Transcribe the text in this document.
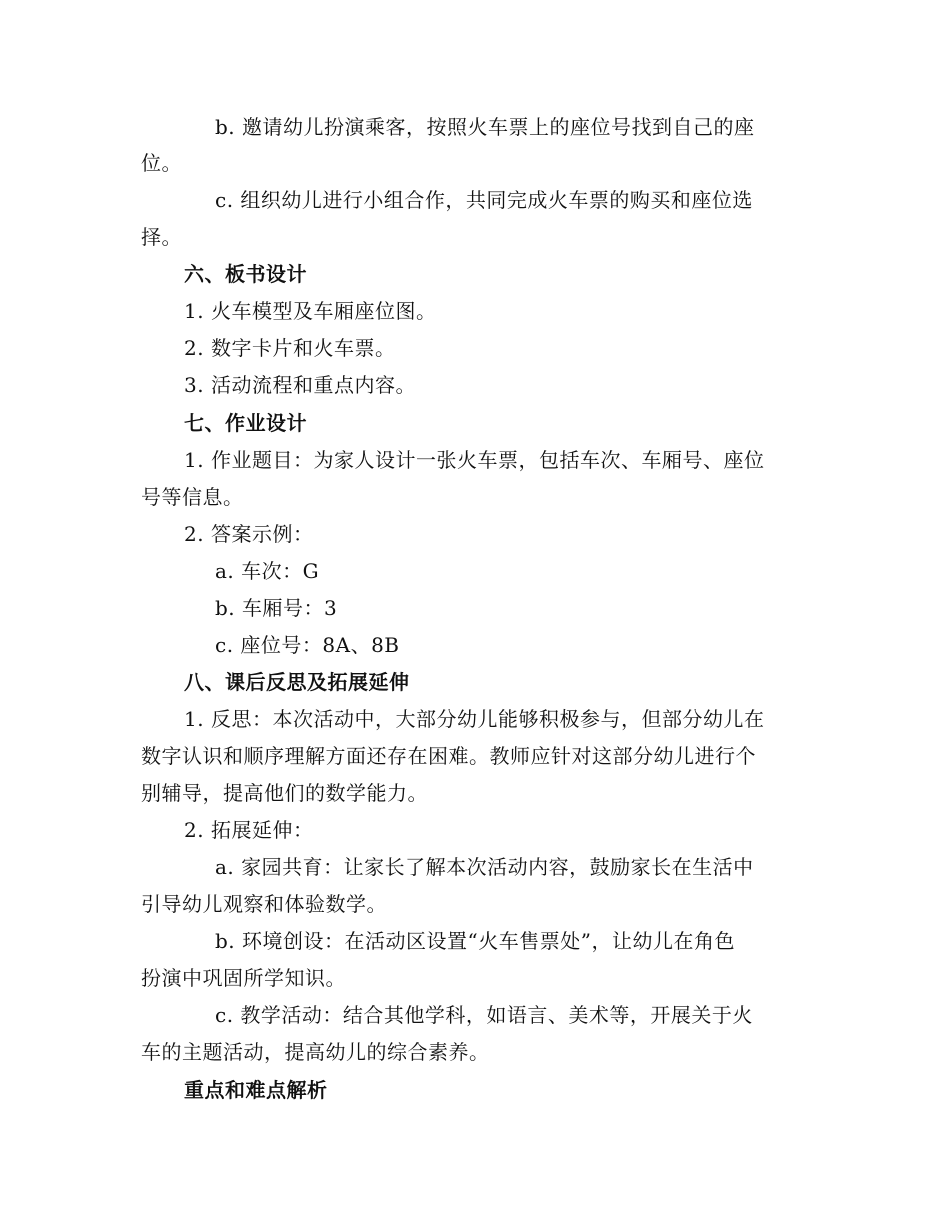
b. 邀请幼儿扮演乘客，按照火车票上的座位号找到自己的座
位。
c. 组织幼儿进行小组合作，共同完成火车票的购买和座位选
择。
六、板书设计
1. 火车模型及车厢座位图。
2. 数字卡片和火车票。
3. 活动流程和重点内容。
七、作业设计
1. 作业题目：为家人设计一张火车票，包括车次、车厢号、座位
号等信息。
2. 答案示例：
a. 车次：G
b. 车厢号：3
c. 座位号：8A、8B
八、课后反思及拓展延伸
1. 反思：本次活动中，大部分幼儿能够积极参与，但部分幼儿在
数字认识和顺序理解方面还存在困难。教师应针对这部分幼儿进行个
别辅导，提高他们的数学能力。
2. 拓展延伸：
a. 家园共育：让家长了解本次活动内容，鼓励家长在生活中
引导幼儿观察和体验数学。
b. 环境创设：在活动区设置“火车售票处”，让幼儿在角色
扮演中巩固所学知识。
c. 教学活动：结合其他学科，如语言、美术等，开展关于火
车的主题活动，提高幼儿的综合素养。
重点和难点解析
